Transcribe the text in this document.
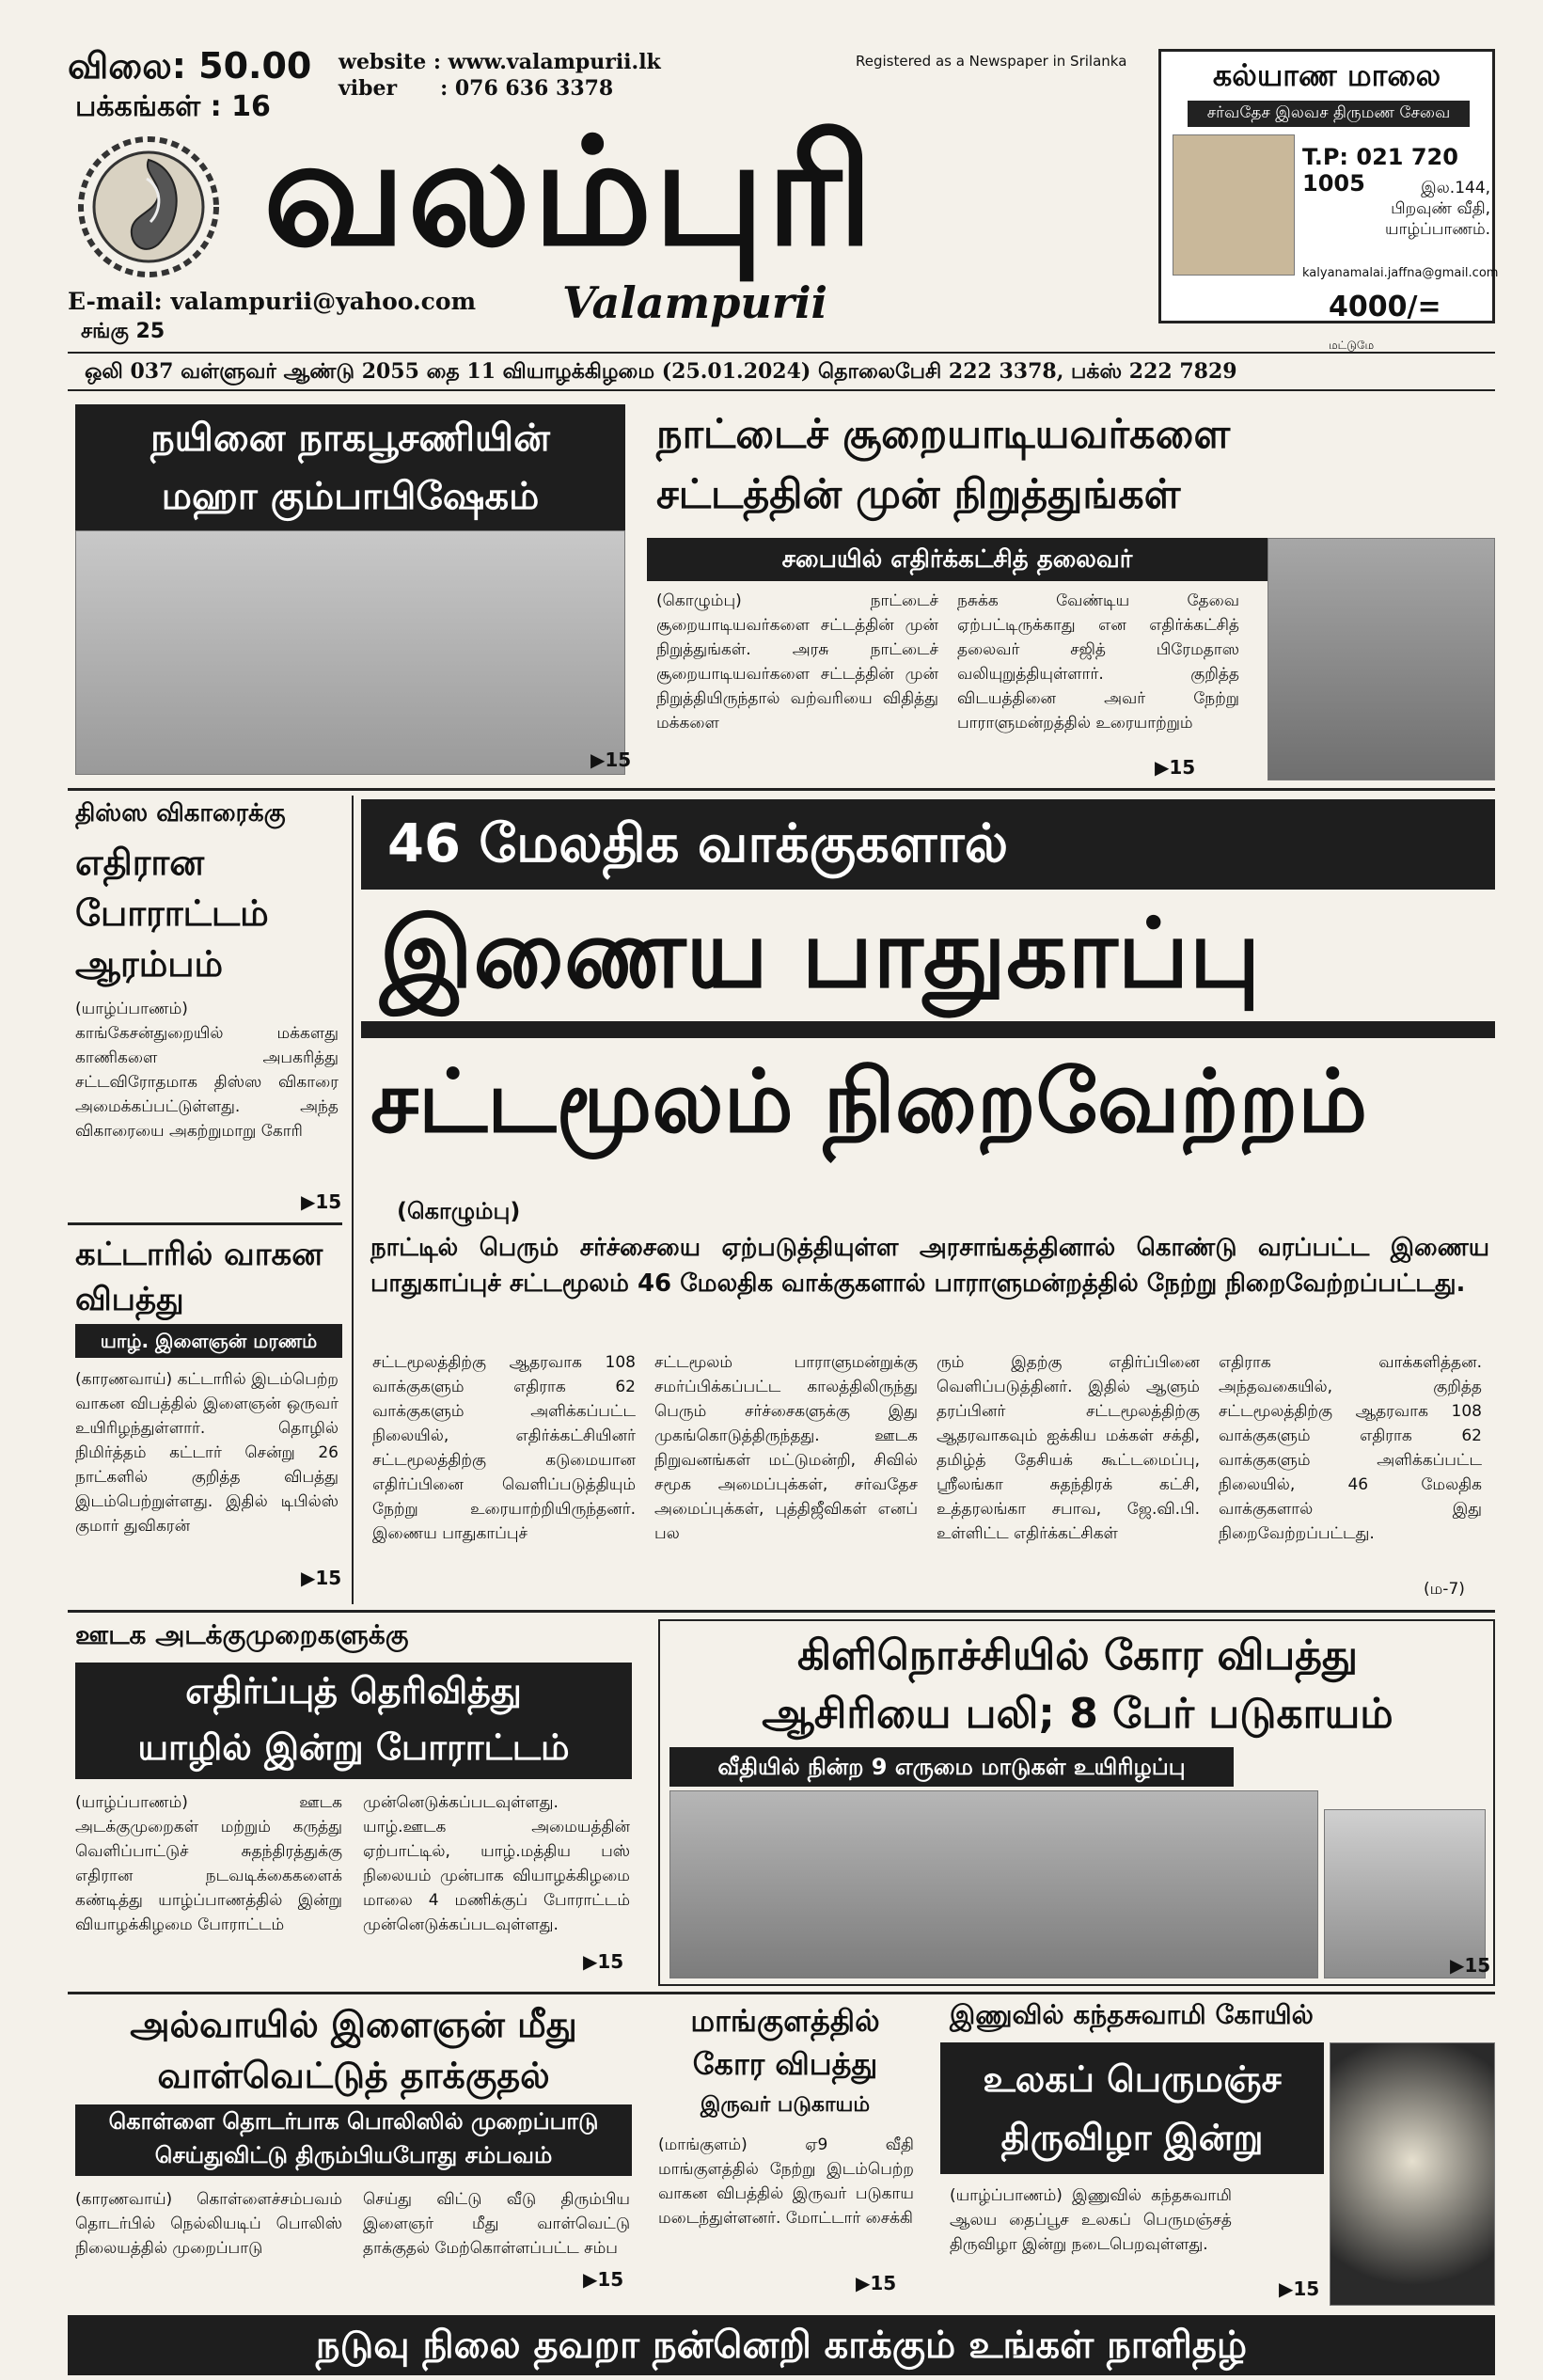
விலை: 50.00
பக்கங்கள் : 16
website : www.valampurii.lk
viber      : 076 636 3378
Registered as a Newspaper in Srilanka
வலம்புரி
Valampurii
E-mail: valampurii@yahoo.com
சங்கு 25
கல்யாண மாலை
சர்வதேச இலவச திருமண சேவை
T.P: 021 720 1005	இல.144,
பிறவுண் வீதி,
யாழ்ப்பாணம்.
kalyanamalai.jaffna@gmail.com
4000/= மட்டுமே
ஒலி 037 வள்ளுவர் ஆண்டு 2055 தை 11 வியாழக்கிழமை (25.01.2024) தொலைபேசி 222 3378, பக்ஸ் 222 7829
நயினை நாகபூசணியின்
மஹா கும்பாபிஷேகம்
▶15
நாட்டைச் சூறையாடியவர்களை
சட்டத்தின் முன் நிறுத்துங்கள்
சபையில் எதிர்க்கட்சித் தலைவர்
(கொழும்பு) நாட்டைச் சூறையாடியவர்களை சட்டத்தின் முன் நிறுத்துங்கள். அரசு நாட்டைச் சூறையாடியவர்களை சட்டத்தின் முன் நிறுத்தியிருந்தால் வற்வரியை விதித்து மக்களை
நசுக்க வேண்டிய தேவை ஏற்பட்டிருக்காது என எதிர்க்கட்சித் தலைவர் சஜித் பிரேமதாஸ வலியுறுத்தியுள்ளார். குறித்த விடயத்தினை அவர் நேற்று பாராளுமன்றத்தில் உரையாற்றும்
▶15
திஸ்ஸ விகாரைக்கு
எதிரான போராட்டம் ஆரம்பம்
(யாழ்ப்பாணம்) காங்கேசன்துறையில் மக்களது காணிகளை அபகரித்து சட்டவிரோதமாக திஸ்ஸ விகாரை அமைக்கப்பட்டுள்ளது. அந்த விகாரையை அகற்றுமாறு கோரி
▶15
கட்டாரில் வாகன விபத்து
யாழ். இளைஞன் மரணம்
(காரணவாய்) கட்டாரில் இடம்பெற்ற வாகன விபத்தில் இளைஞன் ஒருவர் உயிரிழந்துள்ளார். தொழில் நிமிர்த்தம் கட்டார் சென்று 26 நாட்களில் குறித்த விபத்து இடம்பெற்றுள்ளது. இதில் டிபில்ஸ் குமார் துவிகரன்
▶15
46 மேலதிக வாக்குகளால்
இணைய பாதுகாப்பு
சட்டமூலம் நிறைவேற்றம்
(கொழும்பு)
நாட்டில் பெரும் சர்ச்சையை ஏற்படுத்தியுள்ள அரசாங்கத்தினால் கொண்டு வரப்பட்ட இணைய பாதுகாப்புச் சட்டமூலம் 46 மேலதிக வாக்குகளால் பாராளுமன்றத்தில் நேற்று நிறைவேற்றப்பட்டது.
சட்டமூலத்திற்கு ஆதரவாக 108 வாக்குகளும் எதிராக 62 வாக்குகளும் அளிக்கப்பட்ட நிலையில், எதிர்க்கட்சியினர் சட்டமூலத்திற்கு கடுமையான எதிர்ப்பினை வெளிப்படுத்தியும் நேற்று உரையாற்றியிருந்தனர். இணைய பாதுகாப்புச்
சட்டமூலம் பாராளுமன்றுக்கு சமர்ப்பிக்கப்பட்ட காலத்திலிருந்து பெரும் சர்ச்சைகளுக்கு இது முகங்கொடுத்திருந்தது. ஊடக நிறுவனங்கள் மட்டுமன்றி, சிவில் சமூக அமைப்புக்கள், சர்வதேச அமைப்புக்கள், புத்திஜீவிகள் எனப் பல
ரும் இதற்கு எதிர்ப்பினை வெளிப்படுத்தினர். இதில் ஆளும் தரப்பினர் சட்டமூலத்திற்கு ஆதரவாகவும் ஐக்கிய மக்கள் சக்தி, தமிழ்த் தேசியக் கூட்டமைப்பு, ஸ்ரீலங்கா சுதந்திரக் கட்சி, உத்தரலங்கா சபாவ, ஜே.வி.பி. உள்ளிட்ட எதிர்க்கட்சிகள்
எதிராக வாக்களித்தன. அந்தவகையில், குறித்த சட்டமூலத்திற்கு ஆதரவாக 108 வாக்குகளும் எதிராக 62 வாக்குகளும் அளிக்கப்பட்ட நிலையில், 46 மேலதிக வாக்குகளால் இது நிறைவேற்றப்பட்டது.
(ம-7)
ஊடக அடக்குமுறைகளுக்கு
எதிர்ப்புத் தெரிவித்து
யாழில் இன்று போராட்டம்
(யாழ்ப்பாணம்) ஊடக அடக்குமுறைகள் மற்றும் கருத்து வெளிப்பாட்டுச் சுதந்திரத்துக்கு எதிரான நடவடிக்கைகளைக் கண்டித்து யாழ்ப்பாணத்தில் இன்று வியாழக்கிழமை போராட்டம்
முன்னெடுக்கப்படவுள்ளது. யாழ்.ஊடக அமையத்தின் ஏற்பாட்டில், யாழ்.மத்திய பஸ் நிலையம் முன்பாக வியாழக்கிழமை மாலை 4 மணிக்குப் போராட்டம் முன்னெடுக்கப்படவுள்ளது.
▶15
கிளிநொச்சியில் கோர விபத்து
ஆசிரியை பலி; 8 பேர் படுகாயம்
வீதியில் நின்ற 9 எருமை மாடுகள் உயிரிழப்பு
▶15
அல்வாயில் இளைஞன் மீது
வாள்வெட்டுத் தாக்குதல்
கொள்ளை தொடர்பாக பொலிஸில் முறைப்பாடு
செய்துவிட்டு திரும்பியபோது சம்பவம்
(காரணவாய்) கொள்ளைச்சம்பவம் தொடர்பில் நெல்லியடிப் பொலிஸ் நிலையத்தில் முறைப்பாடு
செய்து விட்டு வீடு திரும்பிய இளைஞர் மீது வாள்வெட்டு தாக்குதல் மேற்கொள்ளப்பட்ட சம்ப
▶15
மாங்குளத்தில் கோர விபத்து
இருவர் படுகாயம்
(மாங்குளம்) ஏ9 வீதி மாங்குளத்தில் நேற்று இடம்பெற்ற வாகன விபத்தில் இருவர் படுகாய மடைந்துள்ளனர். மோட்டார் சைக்கி
▶15
இணுவில் கந்தசுவாமி கோயில்
உலகப் பெருமஞ்ச
திருவிழா இன்று
(யாழ்ப்பாணம்) இணுவில் கந்தசுவாமி ஆலய தைப்பூச உலகப் பெருமஞ்சத் திருவிழா இன்று நடைபெறவுள்ளது.
▶15
நடுவு நிலை தவறா நன்னெறி காக்கும் உங்கள் நாளிதழ்
